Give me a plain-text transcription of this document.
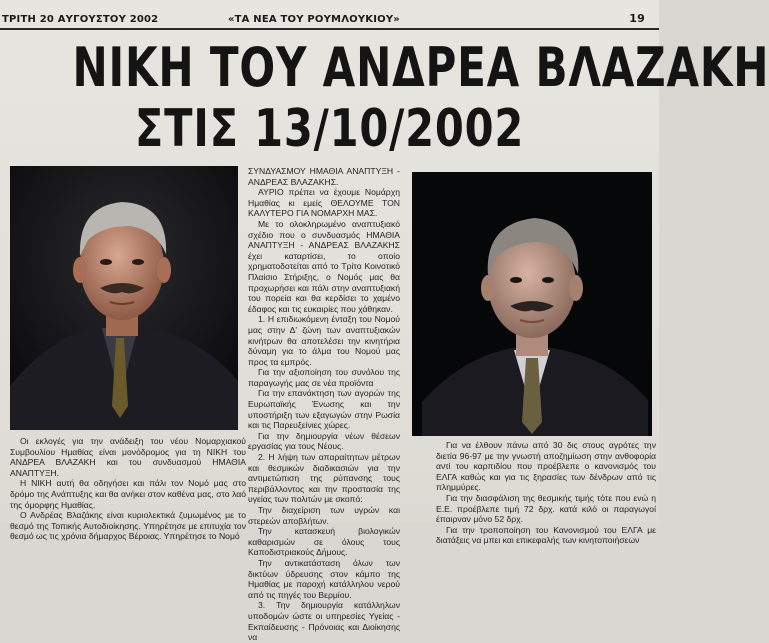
ΤΡΙΤΗ 20 ΑΥΓΟΥΣΤΟΥ 2002	«ΤΑ ΝΕΑ ΤΟΥ ΡΟΥΜΛΟΥΚΙΟΥ»	19
ΝΙΚΗ ΤΟΥ ΑΝΔΡΕΑ ΒΛΑΖΑΚΗ
ΣΤΙΣ 13/10/2002

ΣΥΝΔΥΑΣΜΟΥ ΗΜΑΘΙΑ ΑΝΑΠΤΥΞΗ - ΑΝΔΡΕΑΣ ΒΛΑΖΑΚΗΣ.

ΑΥΡΙΟ πρέπει να έχουμε Νομάρχη Ημαθίας κι εμείς ΘΕΛΟΥΜΕ ΤΟΝ ΚΑΛΥΤΕΡΟ ΓΙΑ ΝΟΜΑΡΧΗ ΜΑΣ.

Με το ολοκληρωμένο αναπτυξιακό σχέδιο που ο συνδυασμός ΗΜΑΘΙΑ ΑΝΑΠΤΥΞΗ - ΑΝΔΡΕΑΣ ΒΛΑΖΑΚΗΣ έχει καταρτίσει, το οποίο χρηματοδοτείται από το Τρίτο Κοινοτικό Πλαίσιο Στήριξης, ο Νομός μας θα προχωρήσει και πάλι στην αναπτυξιακή του πορεία και θα κερδίσει το χαμένο έδαφος και τις ευκαιρίες που χάθηκαν.

1. Η επιδιωκόμενη ένταξη του Νομού μας στην Δ' ζώνη των αναπτυξιακών κινήτρων θα αποτελέσει την κινητήρια δύναμη για το άλμα του Νομού μας προς τα εμπρός.

Για την αξιοποίηση του συνόλου της παραγωγής μας σε νέα προϊόντα

Για την επανάκτηση των αγορών της Ευρωπαϊκής Ένωσης και την υποστήριξη των εξαγωγών στην Ρωσία και τις Παρευξείνιες χώρες.

Για την δημιουργία νέων θέσεων εργασίας για τους Νέους.

2. Η λήψη των απαραίτητων μέτρων και θεσμικών διαδικασιών για την αντιμετώπιση της ρύπανσης τους περιβάλλοντος και την προστασία της υγείας των πολιτών με σκοπό:

Την διαχείριση των υγρών και στερεών αποβλήτων.

Την κατασκευή βιολογικών καθαρισμών σε όλους τους Καποδιστριακούς Δήμους.

Την αντικατάσταση όλων των δικτύων ύδρευσης στον κάμπο της Ημαθίας με παροχή κατάλληλου νερού από τις πηγές του Βερμίου.

3. Την δημιουργία κατάλληλων υποδομών ώστε οι υπηρεσίες Υγείας - Εκπαίδευσης - Πρόνοιας και Διοίκησης να

Οι εκλογές για την ανάδειξη του νέου Νομαρχιακού Συμβουλίου Ημαθίας είναι μονόδρομος για τη ΝΙΚΗ του ΑΝΔΡΕΑ ΒΛΑΖΑΚΗ και του συνδυασμού ΗΜΑΘΙΑ ΑΝΑΠΤΥΞΗ.

Η ΝΙΚΗ αυτή θα οδηγήσει και πάλι τον Νομό μας στο δρόμο της Ανάπτυξης και θα ανήκει στον καθένα μας, στο λαό της όμορφης Ημαθίας.

Ο Ανδρέας Βλαζάκης είναι κυριολεκτικά ζυμωμένος με το θεσμό της Τοπικής Αυτοδιοίκησης. Υπηρέτησε με επιτυχία τον θεσμό ως τις χρόνια δήμαρχος Βέροιας. Υπηρέτησε το Νομό

Για να έλθουν πάνω από 30 δις στους αγρότες την διετία 96-97 με την γνωστή αποζημίωση στην ανθοφορία αντί του καρπιδίου που προέβλεπε ο κανονισμός του ΕΛΓΑ καθώς και για τις ξηρασίες των δένδρων από τις πλημμύρες.

Για την διασφάλιση της θεσμικής τιμής τότε που ενώ η Ε.Ε. προέβλεπε τιμή 72 δρχ. κατά κιλό οι παραγωγοί έπαιρναν μόνο 52 δρχ.

Για την τροποποίηση του Κανονισμού του ΕΛΓΑ με διατάξεις να μπει και επικεφαλής των κινητοποιήσεων
